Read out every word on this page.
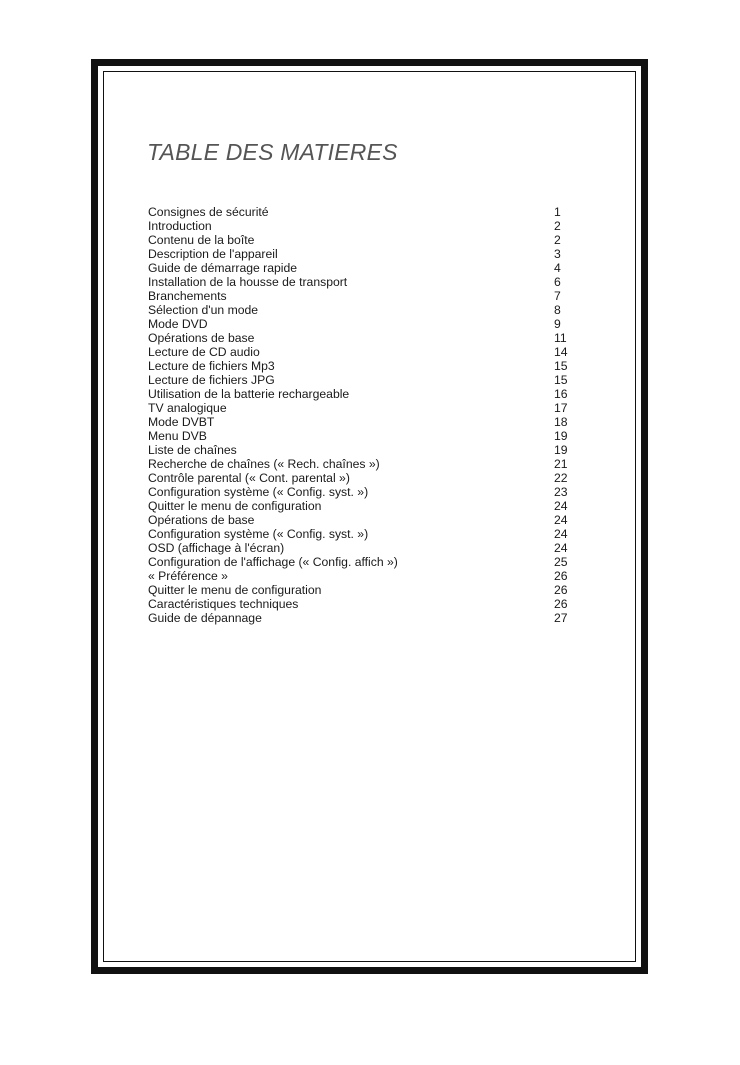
TABLE DES MATIERES
Consignes de sécurité	1
Introduction	2
Contenu de la boîte	2
Description de l'appareil	3
Guide de démarrage rapide	4
Installation de la housse de transport	6
Branchements	7
Sélection d'un mode	8
Mode DVD	9
Opérations de base	11
Lecture de CD audio	14
Lecture de fichiers Mp3	15
Lecture de fichiers JPG	15
Utilisation de la batterie rechargeable	16
TV analogique	17
Mode DVBT	18
Menu DVB	19
Liste de chaînes	19
Recherche de chaînes (« Rech. chaînes »)	21
Contrôle parental (« Cont. parental »)	22
Configuration système (« Config. syst. »)	23
Quitter le menu de configuration	24
Opérations de base	24
Configuration système (« Config. syst. »)	24
OSD (affichage à l'écran)	24
Configuration de l'affichage (« Config. affich »)	25
« Préférence »	26
Quitter le menu de configuration	26
Caractéristiques techniques	26
Guide de dépannage	27
